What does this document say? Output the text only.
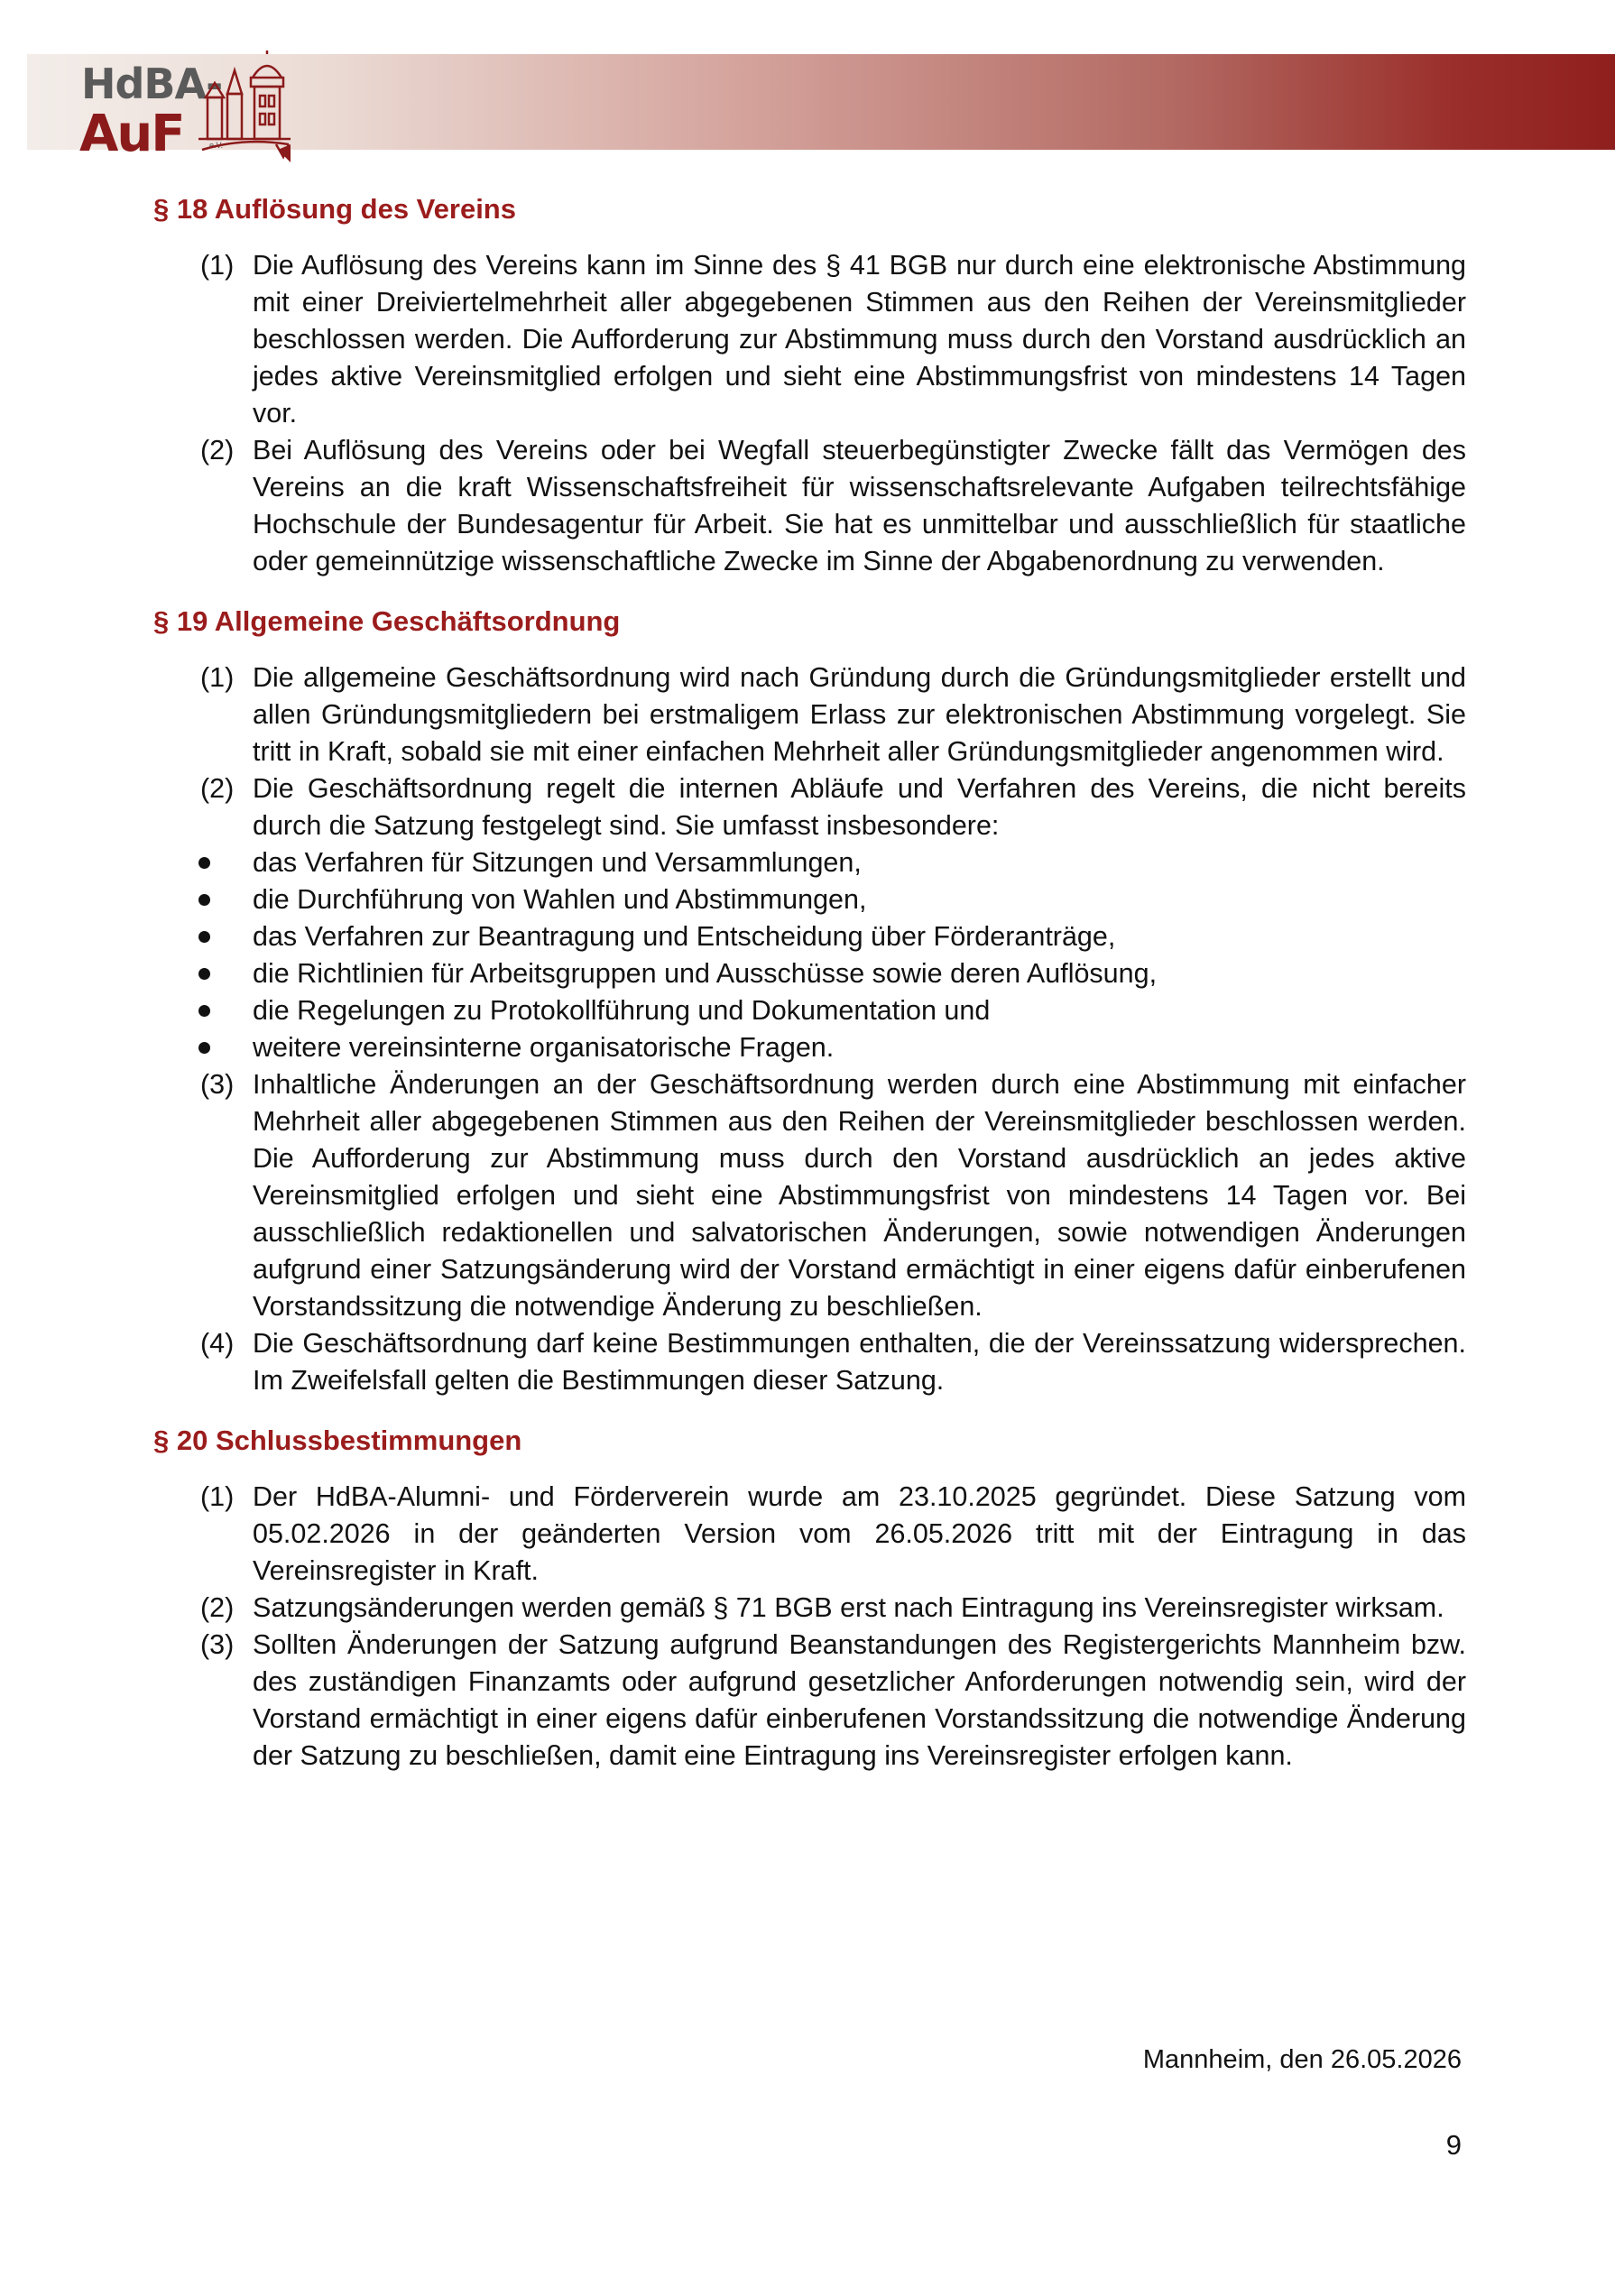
HdBA-
AuF	e.V.
§ 18 Auflösung des Vereins
(1) Die Auflösung des Vereins kann im Sinne des § 41 BGB nur durch eine elektronische Abstimmung mit einer Dreiviertelmehrheit aller abgegebenen Stimmen aus den Reihen der Vereinsmitglieder beschlossen werden. Die Aufforderung zur Abstimmung muss durch den Vorstand ausdrücklich an jedes aktive Vereinsmitglied erfolgen und sieht eine Abstimmungsfrist von mindestens 14 Tagen vor.
(2) Bei Auflösung des Vereins oder bei Wegfall steuerbegünstigter Zwecke fällt das Vermögen des Vereins an die kraft Wissenschaftsfreiheit für wissenschaftsrelevante Aufgaben teilrechtsfähige Hochschule der Bundesagentur für Arbeit. Sie hat es unmittelbar und ausschließlich für staatliche oder gemeinnützige wissenschaftliche Zwecke im Sinne der Abgabenordnung zu verwenden.
§ 19 Allgemeine Geschäftsordnung
(1) Die allgemeine Geschäftsordnung wird nach Gründung durch die Gründungsmitglieder erstellt und allen Gründungsmitgliedern bei erstmaligem Erlass zur elektronischen Abstimmung vorgelegt. Sie tritt in Kraft, sobald sie mit einer einfachen Mehrheit aller Gründungsmitglieder angenommen wird.
(2) Die Geschäftsordnung regelt die internen Abläufe und Verfahren des Vereins, die nicht bereits durch die Satzung festgelegt sind. Sie umfasst insbesondere:
das Verfahren für Sitzungen und Versammlungen,
die Durchführung von Wahlen und Abstimmungen,
das Verfahren zur Beantragung und Entscheidung über Förderanträge,
die Richtlinien für Arbeitsgruppen und Ausschüsse sowie deren Auflösung,
die Regelungen zu Protokollführung und Dokumentation und
weitere vereinsinterne organisatorische Fragen.
(3) Inhaltliche Änderungen an der Geschäftsordnung werden durch eine Abstimmung mit einfacher Mehrheit aller abgegebenen Stimmen aus den Reihen der Vereinsmitglieder beschlossen werden. Die Aufforderung zur Abstimmung muss durch den Vorstand ausdrücklich an jedes aktive Vereinsmitglied erfolgen und sieht eine Abstimmungsfrist von mindestens 14 Tagen vor. Bei ausschließlich redaktionellen und salvatorischen Änderungen, sowie notwendigen Änderungen aufgrund einer Satzungsänderung wird der Vorstand ermächtigt in einer eigens dafür einberufenen Vorstandssitzung die notwendige Änderung zu beschließen.
(4) Die Geschäftsordnung darf keine Bestimmungen enthalten, die der Vereinssatzung widersprechen. Im Zweifelsfall gelten die Bestimmungen dieser Satzung.
§ 20 Schlussbestimmungen
(1) Der HdBA-Alumni- und Förderverein wurde am 23.10.2025 gegründet. Diese Satzung vom 05.02.2026 in der geänderten Version vom 26.05.2026 tritt mit der Eintragung in das Vereinsregister in Kraft.
(2) Satzungsänderungen werden gemäß § 71 BGB erst nach Eintragung ins Vereinsregister wirksam.
(3) Sollten Änderungen der Satzung aufgrund Beanstandungen des Registergerichts Mannheim bzw. des zuständigen Finanzamts oder aufgrund gesetzlicher Anforderungen notwendig sein, wird der Vorstand ermächtigt in einer eigens dafür einberufenen Vorstandssitzung die notwendige Änderung der Satzung zu beschließen, damit eine Eintragung ins Vereinsregister erfolgen kann.
Mannheim, den 26.05.2026
9
